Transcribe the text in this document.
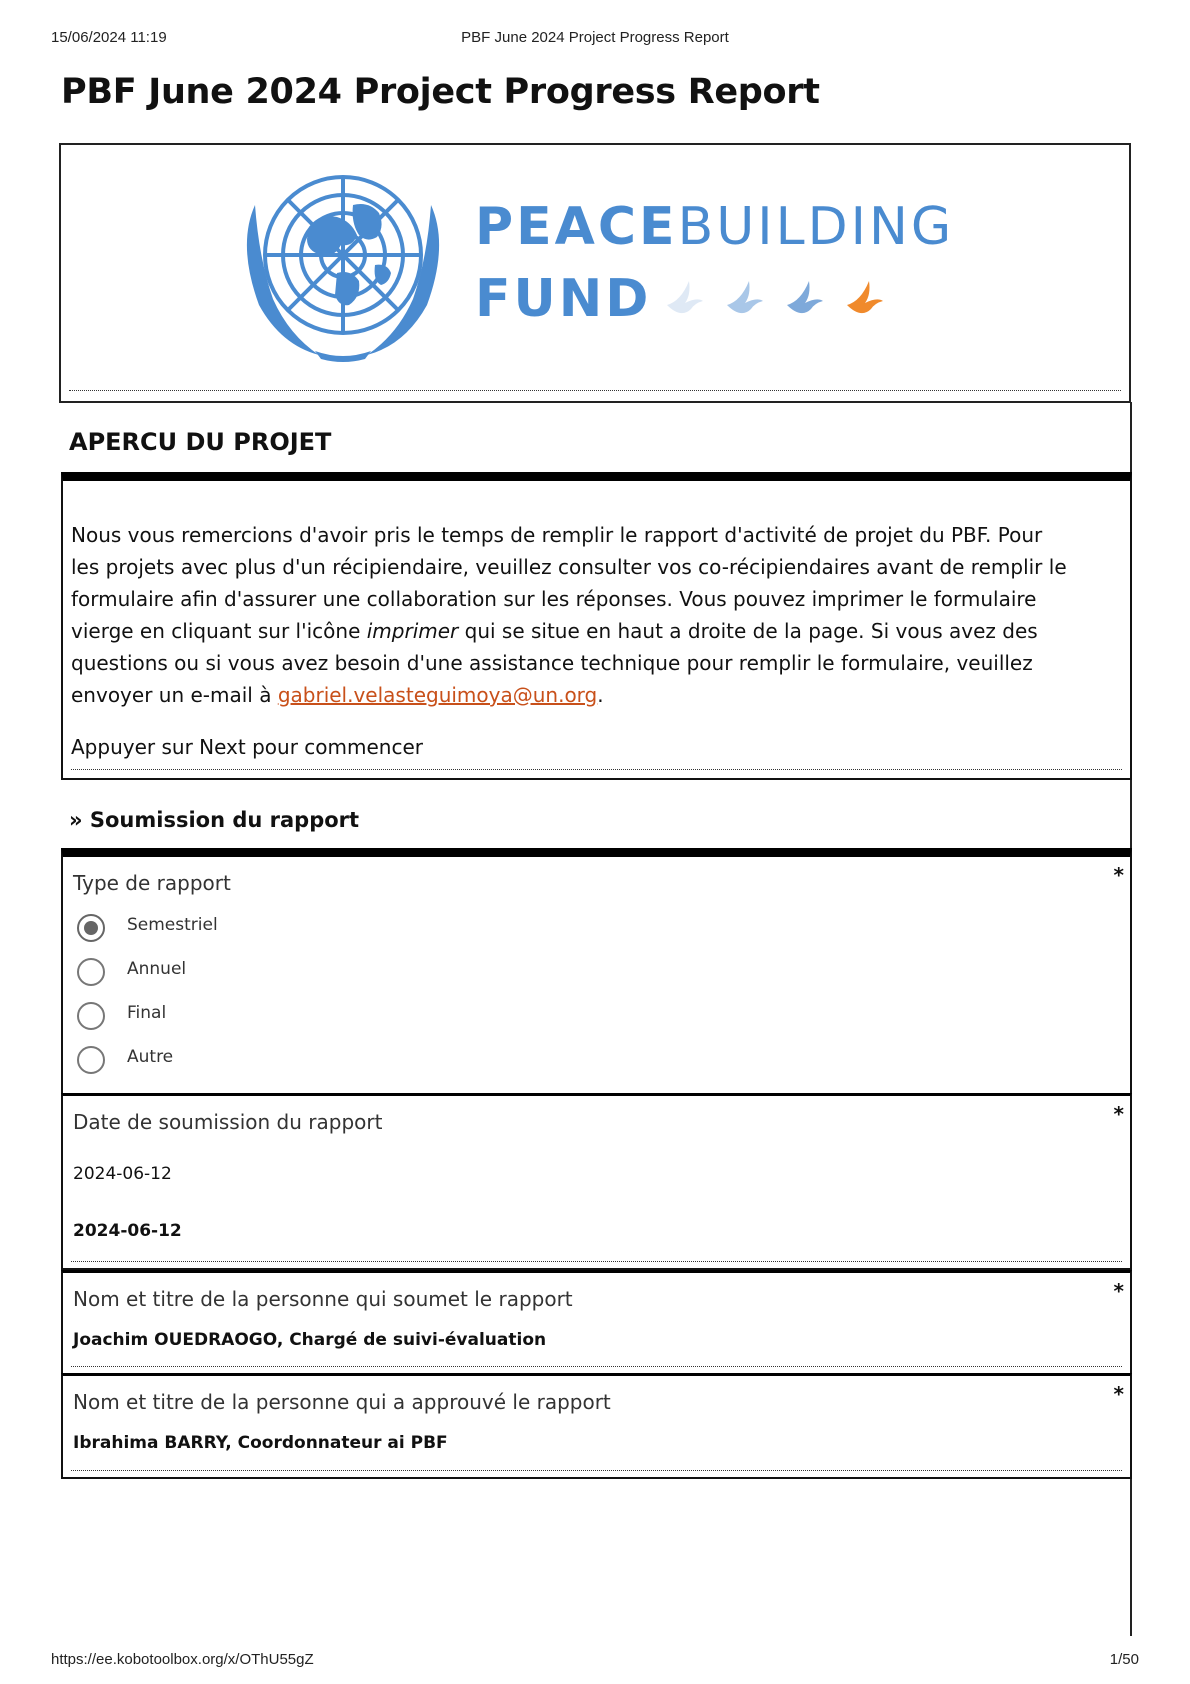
15/06/2024 11:19	PBF June 2024 Project Progress Report
PBF June 2024 Project Progress Report
PEACEBUILDING
FUND
APERCU DU PROJET

Nous vous remercions d'avoir pris le temps de remplir le rapport d'activité de projet du PBF. Pour les projets avec plus d'un récipiendaire, veuillez consulter vos co-récipiendaires avant de remplir le formulaire afin d'assurer une collaboration sur les réponses. Vous pouvez imprimer le formulaire vierge en cliquant sur l'icône imprimer qui se situe en haut a droite de la page. Si vous avez des questions ou si vous avez besoin d'une assistance technique pour remplir le formulaire, veuillez envoyer un e-mail à gabriel.velasteguimoya@un.org.

Appuyer sur Next pour commencer

» Soumission du rapport
Type de rapport	*
Semestriel
Annuel
Final
Autre
Date de soumission du rapport	*
2024-06-12
2024-06-12
Nom et titre de la personne qui soumet le rapport	*
Joachim OUEDRAOGO, Chargé de suivi-évaluation
Nom et titre de la personne qui a approuvé le rapport	*
Ibrahima BARRY, Coordonnateur ai PBF
https://ee.kobotoolbox.org/x/OThU55gZ	1/50
